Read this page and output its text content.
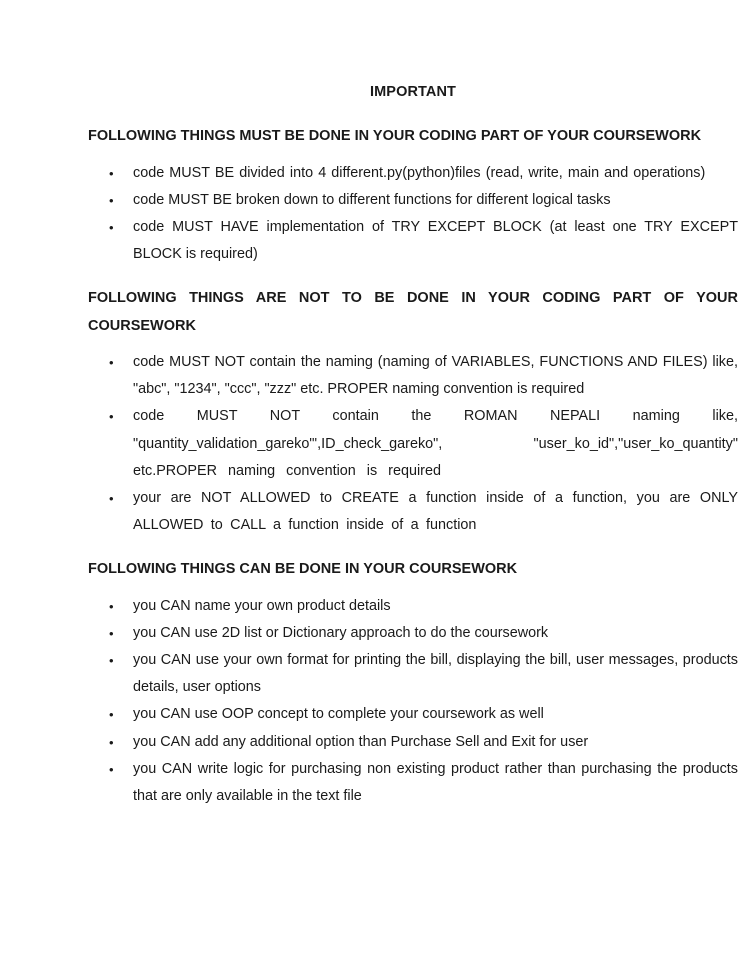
IMPORTANT
FOLLOWING THINGS MUST BE DONE IN YOUR CODING PART OF YOUR COURSEWORK
• code MUST BE divided into 4 different.py(python)files (read, write, main and operations)
• code MUST BE broken down to different functions for different logical tasks
• code MUST HAVE implementation of TRY EXCEPT BLOCK (at least one TRY EXCEPT BLOCK is required)
FOLLOWING THINGS ARE NOT TO BE DONE IN YOUR CODING PART OF YOUR COURSEWORK
• code MUST NOT contain the naming (naming of VARIABLES, FUNCTIONS AND FILES) like, "abc", "1234", "ccc", "zzz" etc. PROPER naming convention is required
• code MUST NOT contain the ROMAN NEPALI naming like, "quantity_validation_gareko"',ID_check_gareko", "user_ko_id","user_ko_quantity" etc.PROPER naming convention is required
• your are NOT ALLOWED to CREATE a function inside of a function, you are ONLY ALLOWED to CALL a function inside of a function
FOLLOWING THINGS CAN BE DONE IN YOUR COURSEWORK
• you CAN name your own product details
• you CAN use 2D list or Dictionary approach to do the coursework
• you CAN use your own format for printing the bill, displaying the bill, user messages, products details, user options
• you CAN use OOP concept to complete your coursework as well
• you CAN add any additional option than Purchase Sell and Exit for user
• you CAN write logic for purchasing non existing product rather than purchasing the products that are only available in the text file
